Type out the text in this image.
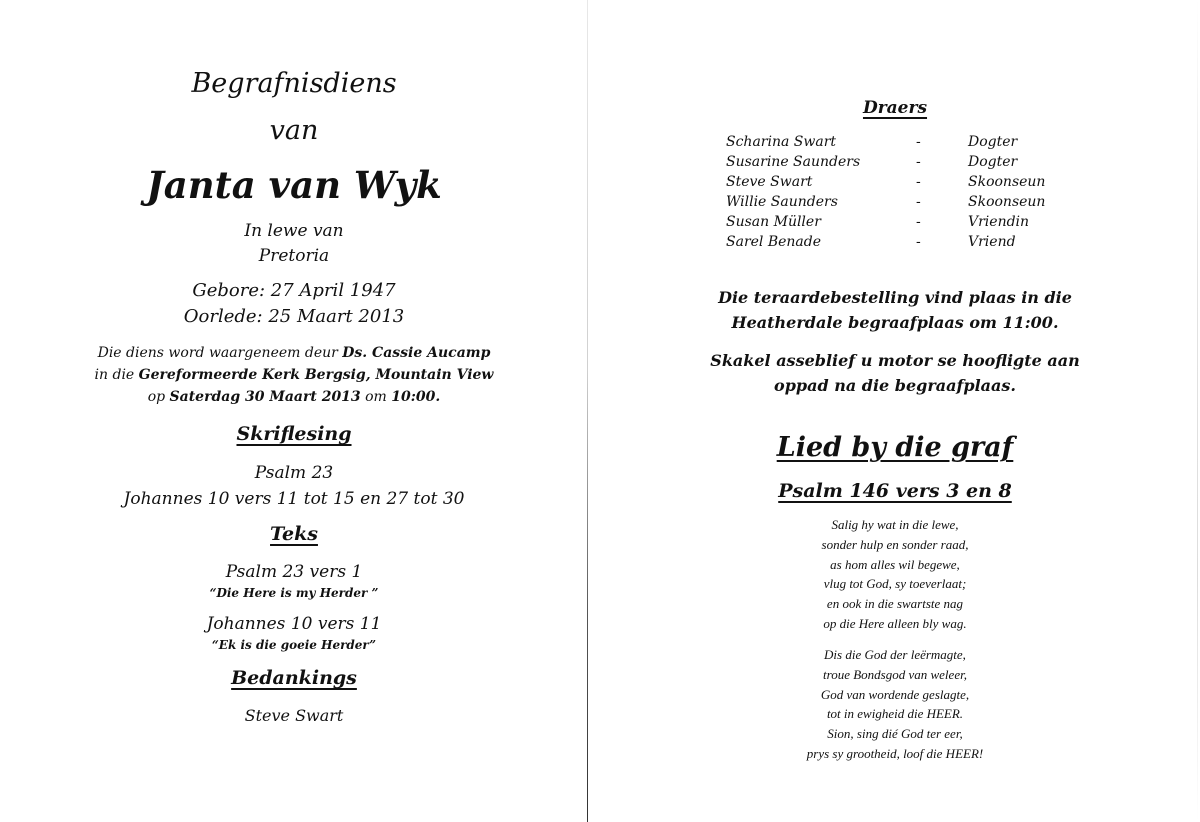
Begrafnisdiens
van
Janta van Wyk
In lewe van
Pretoria
Gebore: 27 April 1947
Oorlede: 25 Maart 2013
Die diens word waargeneem deur Ds. Cassie Aucamp
in die Gereformeerde Kerk Bergsig, Mountain View
op Saterdag 30 Maart 2013 om 10:00.
Skriflesing
Psalm 23
Johannes 10 vers 11 tot 15 en 27 tot 30
Teks
Psalm 23 vers 1
“Die Here is my Herder ”
Johannes 10 vers 11
“Ek is die goeie Herder”
Bedankings
Steve Swart
Draers
Scharina Swart	-	Dogter
Susarine Saunders	-	Dogter
Steve Swart	-	Skoonseun
Willie Saunders	-	Skoonseun
Susan Müller	-	Vriendin
Sarel Benade	-	Vriend
Die teraardebestelling vind plaas in die
Heatherdale begraafplaas om 11:00.
Skakel asseblief u motor se hoofligte aan
oppad na die begraafplaas.
Lied by die graf
Psalm 146 vers 3 en 8
Salig hy wat in die lewe,
sonder hulp en sonder raad,
as hom alles wil begewe,
vlug tot God, sy toeverlaat;
en ook in die swartste nag
op die Here alleen bly wag.
Dis die God der leërmagte,
troue Bondsgod van weleer,
God van wordende geslagte,
tot in ewigheid die HEER.
Sion, sing dié God ter eer,
prys sy grootheid, loof die HEER!
